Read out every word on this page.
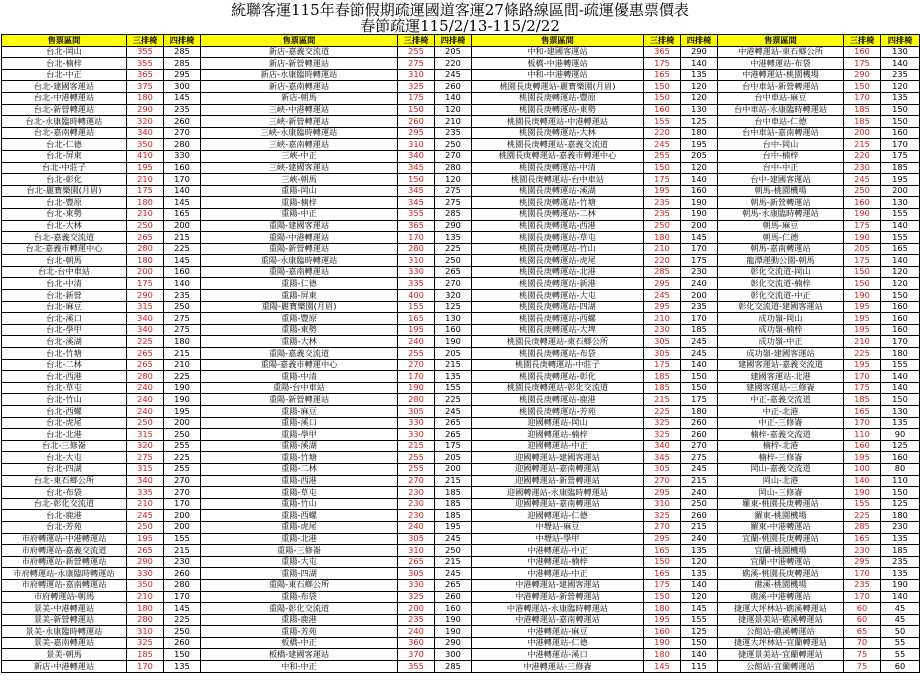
統聯客運115年春節假期疏運國道客運27條路線區間-疏運優惠票價表
春節疏運115/2/13-115/2/22
售票區間	三排椅	四排椅	售票區間	三排椅	四排椅	售票區間	三排椅	四排椅	售票區間	三排椅	四排椅
台北-岡山	355	285	新店-嘉義交流道	255	205	中和-建國客運站	365	290	中港轉運站-東石鄉公所	160	130
台北-楠梓	355	285	新店-新營轉運站	275	220	板橋-中港轉運站	175	140	中港轉運站-布袋	175	140
台北-中正	365	295	新店-永康臨時轉運站	310	245	中和-中港轉運站	165	135	中港轉運站-桃園機場	290	235
台北-建國客運站	375	300	新店-嘉南轉運站	325	260	桃園長庚轉運站-麗寶樂園(月眉)	150	120	台中車站-新營轉運站	150	120
台北-中港轉運站	180	145	新店-朝馬	175	140	桃園長庚轉運站-豐原	150	120	台中車站-麻豆	170	135
台北-新營轉運站	290	235	三峽-中港轉運站	150	120	桃園長庚轉運站-東勢	160	130	台中車站-永康臨時轉運站	185	150
台北-永康臨時轉運站	320	260	三峽-新營轉運站	260	210	桃園長庚轉運站-中港轉運站	155	125	台中車站-仁德	185	150
台北-嘉南轉運站	340	270	三峽-永康臨時轉運站	295	235	桃園長庚轉運站-大林	220	180	台中車站-嘉南轉運站	200	160
台北-仁德	350	280	三峽-嘉南轉運站	310	250	桃園長庚轉運站-嘉義交流道	245	195	台中-岡山	215	170
台北-屏東	410	330	三峽-中正	340	270	桃園長庚轉運站-嘉義市轉運中心	255	205	台中-楠梓	220	175
台北-中莊子	195	160	三峽-建國客運站	345	280	桃園長庚轉運站-中清	150	120	台中-中正	230	185
台北-彰化	210	170	三峽-朝馬	150	120	桃園長庚轉運站-台中車站	175	140	台中-建國客運站	245	195
台北-麗寶樂園(月眉)	175	140	重陽-岡山	345	275	桃園長庚轉運站-溪湖	195	160	朝馬-桃園機場	250	200
台北-豐原	180	145	重陽-楠梓	345	275	桃園長庚轉運站-竹塘	235	190	朝馬-新營轉運站	160	130
台北-東勢	210	165	重陽-中正	355	285	桃園長庚轉運站-二林	235	190	朝馬-永康臨時轉運站	190	155
台北-大林	250	200	重陽-建國客運站	365	290	桃園長庚轉運站-西港	250	200	朝馬-麻豆	175	140
台北-嘉義交流道	265	215	重陽-中港轉運站	170	135	桃園長庚轉運站-草屯	180	145	朝馬-仁德	190	155
台北-嘉義市轉運中心	280	225	重陽-新營轉運站	280	225	桃園長庚轉運站-竹山	210	170	朝馬-嘉南轉運站	205	165
台北-朝馬	180	145	重陽-永康臨時轉運站	310	250	桃園長庚轉運站-虎尾	220	175	龍潭運動公園-朝馬	175	140
台北-台中車站	200	160	重陽-嘉南轉運站	330	265	桃園長庚轉運站-北港	285	230	彰化交流道-岡山	150	120
台北-中清	175	140	重陽-仁德	335	270	桃園長庚轉運站-新港	295	240	彰化交流道-楠梓	150	120
台北-新營	290	235	重陽-屏東	400	320	桃園長庚轉運站-大屯	245	200	彰化交流道-中正	190	150
台北-麻豆	315	250	重陽-麗寶樂園(月眉)	155	125	桃園長庚轉運站-四湖	295	235	彰化交流道-建國客運站	195	160
台北-溪口	340	275	重陽-豐原	165	130	桃園長庚轉運站-西螺	210	170	成功嶺-岡山	195	160
台北-學甲	340	275	重陽-東勢	195	160	桃園長庚轉運站-大埤	230	185	成功嶺-楠梓	195	160
台北-溪湖	225	180	重陽-大林	240	190	桃園長庚轉運站-東石鄉公所	305	245	成功嶺-中正	210	170
台北-竹塘	265	215	重陽-嘉義交流道	255	205	桃園長庚轉運站-布袋	305	245	成功嶺-建國客運站	225	180
台北-二林	265	210	重陽-嘉義市轉運中心	270	215	桃園長庚轉運站-中莊子	175	140	建國客運站-嘉義交流道	195	155
台北-西港	280	225	重陽-中清	170	135	桃園長庚轉運站-彰化	185	150	建國客運站-北港	170	140
台北-草屯	240	190	重陽-台中車站	190	155	桃園長庚轉運站-彰化交流道	185	150	建國客運站-三修崙	175	140
台北-竹山	240	190	重陽-新營轉運站	280	225	桃園長庚轉運站-鹿港	215	175	中正-嘉義交流道	185	150
台北-西螺	240	195	重陽-麻豆	305	245	桃園長庚轉運站-芳苑	225	180	中正-北港	165	130
台北-虎尾	250	200	重陽-溪口	330	265	迎國轉運站-岡山	325	260	中正-三修崙	170	135
台北-北港	315	250	重陽-學甲	330	265	迎國轉運站-楠梓	325	260	楠梓-嘉義交流道	110	90
台北-三修崙	320	255	重陽-溪湖	215	175	迎國轉運站-中正	340	270	楠梓-北港	160	125
台北-大屯	275	225	重陽-竹塘	255	205	迎國轉運站-建國客運站	345	275	楠梓-三修崙	195	160
台北-四湖	315	255	重陽-二林	255	200	迎國轉運站-嘉南轉運站	305	245	岡山-嘉義交流道	100	80
台北-東石鄉公所	340	270	重陽-西港	270	215	迎國轉運站-新營轉運站	270	215	岡山-北港	140	110
台北-布袋	335	270	重陽-草屯	230	185	迎國轉運站-永康臨時轉運站	295	240	岡山-三修崙	190	150
台北-彰化交流道	210	170	重陽-竹山	230	185	迎國轉運站-嘉南轉運站	310	250	羅東-桃園長庚轉運站	155	125
台北-鹿港	245	200	重陽-西螺	230	185	迎國轉運站-仁德	325	260	羅東-桃園機場	225	180
台北-芳苑	250	200	重陽-虎尾	240	195	中壢站-麻豆	270	215	羅東-中港轉運站	285	230
市府轉運站-中港轉運站	195	155	重陽-北港	305	245	中壢站-學甲	295	240	宜蘭-桃園長庚轉運站	165	135
市府轉運站-嘉義交流道	265	215	重陽-三修崙	310	250	中港轉運站-中正	165	135	宜蘭-桃園機場	230	185
市府轉運站-新營轉運站	290	230	重陽-大屯	265	215	中港轉運站-楠梓	150	120	宜蘭-中港轉運站	295	235
市府轉運站-永康臨時轉運站	330	260	重陽-四湖	305	245	中港轉運站-中正	165	135	礁溪-桃園長庚轉運站	170	135
市府轉運站-嘉南轉運站	350	280	重陽-東石鄉公所	330	265	中港轉運站-建國客運站	175	140	礁溪-桃園機場	235	190
市府轉運站-朝馬	210	170	重陽-布袋	325	260	中港轉運站-新營轉運站	150	120	礁溪-中港轉運站	170	140
景美-中港轉運站	180	145	重陽-彰化交流道	200	160	中港轉運站-永康臨時轉運站	180	145	捷運大坪林站-礁溪轉運站	60	45
景美-新營轉運站	280	225	重陽-鹿港	235	190	中港轉運站-嘉南轉運站	195	155	捷運景美站-礁溪轉運站	60	45
景美-永康臨時轉運站	310	250	重陽-芳苑	240	190	中港轉運站-麻豆	160	125	公館站-礁溪轉運站	65	50
景美-嘉南轉運站	325	260	板橋-中正	360	290	中港轉運站-仁德	190	150	捷運大坪林站-宜蘭轉運站	70	55
景美-朝馬	185	150	板橋-建國客運站	370	300	中港轉運站-溪口	180	140	捷運景美站-宜蘭轉運站	75	55
新店-中港轉運站	170	135	中和-中正	355	285	中港轉運站-三修崙	145	115	公館站-宜蘭轉運站	75	60
